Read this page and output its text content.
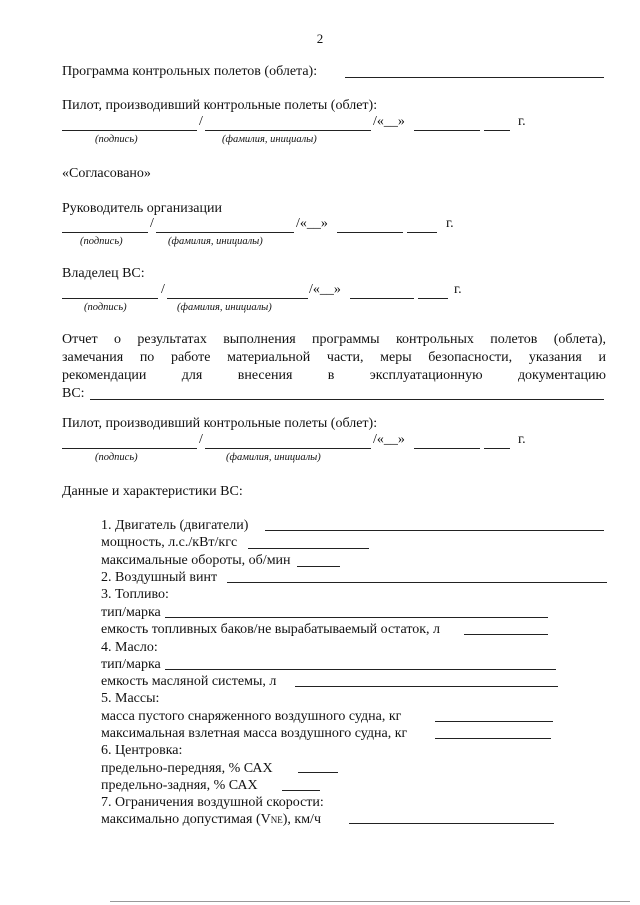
2
Программа контрольных полетов (облета):
Пилот, производивший контрольные полеты (облет):
/	/«__»	г.
(подпись)	(фамилия, инициалы)
«Согласовано»
Руководитель организации
/	/«__»	г.
(подпись)	(фамилия, инициалы)
Владелец ВС:
/	/«__»	г.
(подпись)	(фамилия, инициалы)
Отчет о результатах выполнения программы контрольных полетов (облета),
замечания по работе материальной части, меры безопасности, указания и
рекомендации	для	внесения	в	эксплуатационную	документацию
ВС:
Пилот, производивший контрольные полеты (облет):
/	/«__»	г.
(подпись)	(фамилия, инициалы)
Данные и характеристики ВС:
1. Двигатель (двигатели)
мощность, л.с./кВт/кгс
максимальные обороты, об/мин
2. Воздушный винт
3. Топливо:
тип/марка
емкость топливных баков/не вырабатываемый остаток, л
4. Масло:
тип/марка
емкость масляной системы, л
5. Массы:
масса пустого снаряженного воздушного судна, кг
максимальная взлетная масса воздушного судна, кг
6. Центровка:
предельно-передняя, % САХ
предельно-задняя, % САХ
7. Ограничения воздушной скорости:
максимально допустимая (VNE), км/ч
